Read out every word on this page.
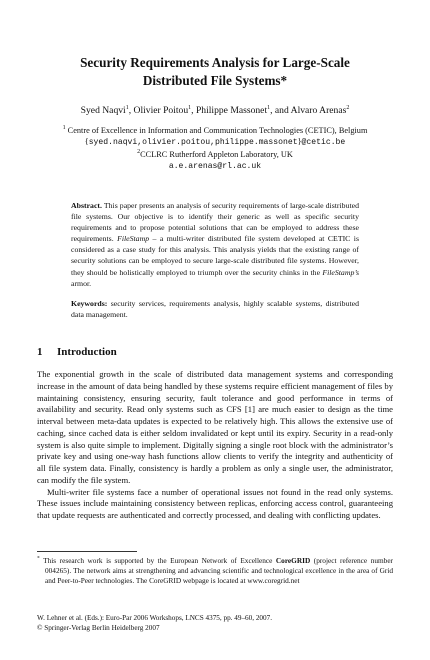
Security Requirements Analysis for Large-Scale
Distributed File Systems*
Syed Naqvi$^1$, Olivier Poitou$^1$, Philippe Massonet$^1$, and Alvaro Arenas$^2$
$^1$ Centre of Excellence in Information and Communication Technologies (CETIC), Belgium
{syed.naqvi,olivier.poitou,philippe.massonet}@cetic.be
$^2$CCLRC Rutherford Appleton Laboratory, UK
a.e.arenas@rl.ac.uk

Abstract. This paper presents an analysis of security requirements of large-scale distributed file systems. Our objective is to identify their generic as well as specific security requirements and to propose potential solutions that can be employed to address these requirements. FileStamp – a multi-writer distributed file system developed at CETIC is considered as a case study for this analysis. This analysis yields that the existing range of security solutions can be employed to secure large-scale distributed file systems. However, they should be holistically employed to triumph over the security chinks in the FileStamp’s armor.

Keywords: security services, requirements analysis, highly scalable systems, distributed data management.

1 Introduction

The exponential growth in the scale of distributed data management systems and corresponding increase in the amount of data being handled by these systems require efficient management of files by maintaining consistency, ensuring security, fault tolerance and good performance in terms of availability and security. Read only systems such as CFS [1] are much easier to design as the time interval between meta-data updates is expected to be relatively high. This allows the extensive use of caching, since cached data is either seldom invalidated or kept until its expiry. Security in a read-only system is also quite simple to implement. Digitally signing a single root block with the administrator’s private key and using one-way hash functions allow clients to verify the integrity and authenticity of all file system data. Finally, consistency is hardly a problem as only a single user, the administrator, can modify the file system.

Multi-writer file systems face a number of operational issues not found in the read only systems. These issues include maintaining consistency between replicas, enforcing access control, guaranteeing that update requests are authenticated and correctly processed, and dealing with conflicting updates.

* This research work is supported by the European Network of Excellence CoreGRID (project reference number 004265). The network aims at strengthening and advancing scientific and technological excellence in the area of Grid and Peer-to-Peer technologies. The CoreGRID webpage is located at www.coregrid.net

W. Lehner et al. (Eds.): Euro-Par 2006 Workshops, LNCS 4375, pp. 49–60, 2007.
© Springer-Verlag Berlin Heidelberg 2007
